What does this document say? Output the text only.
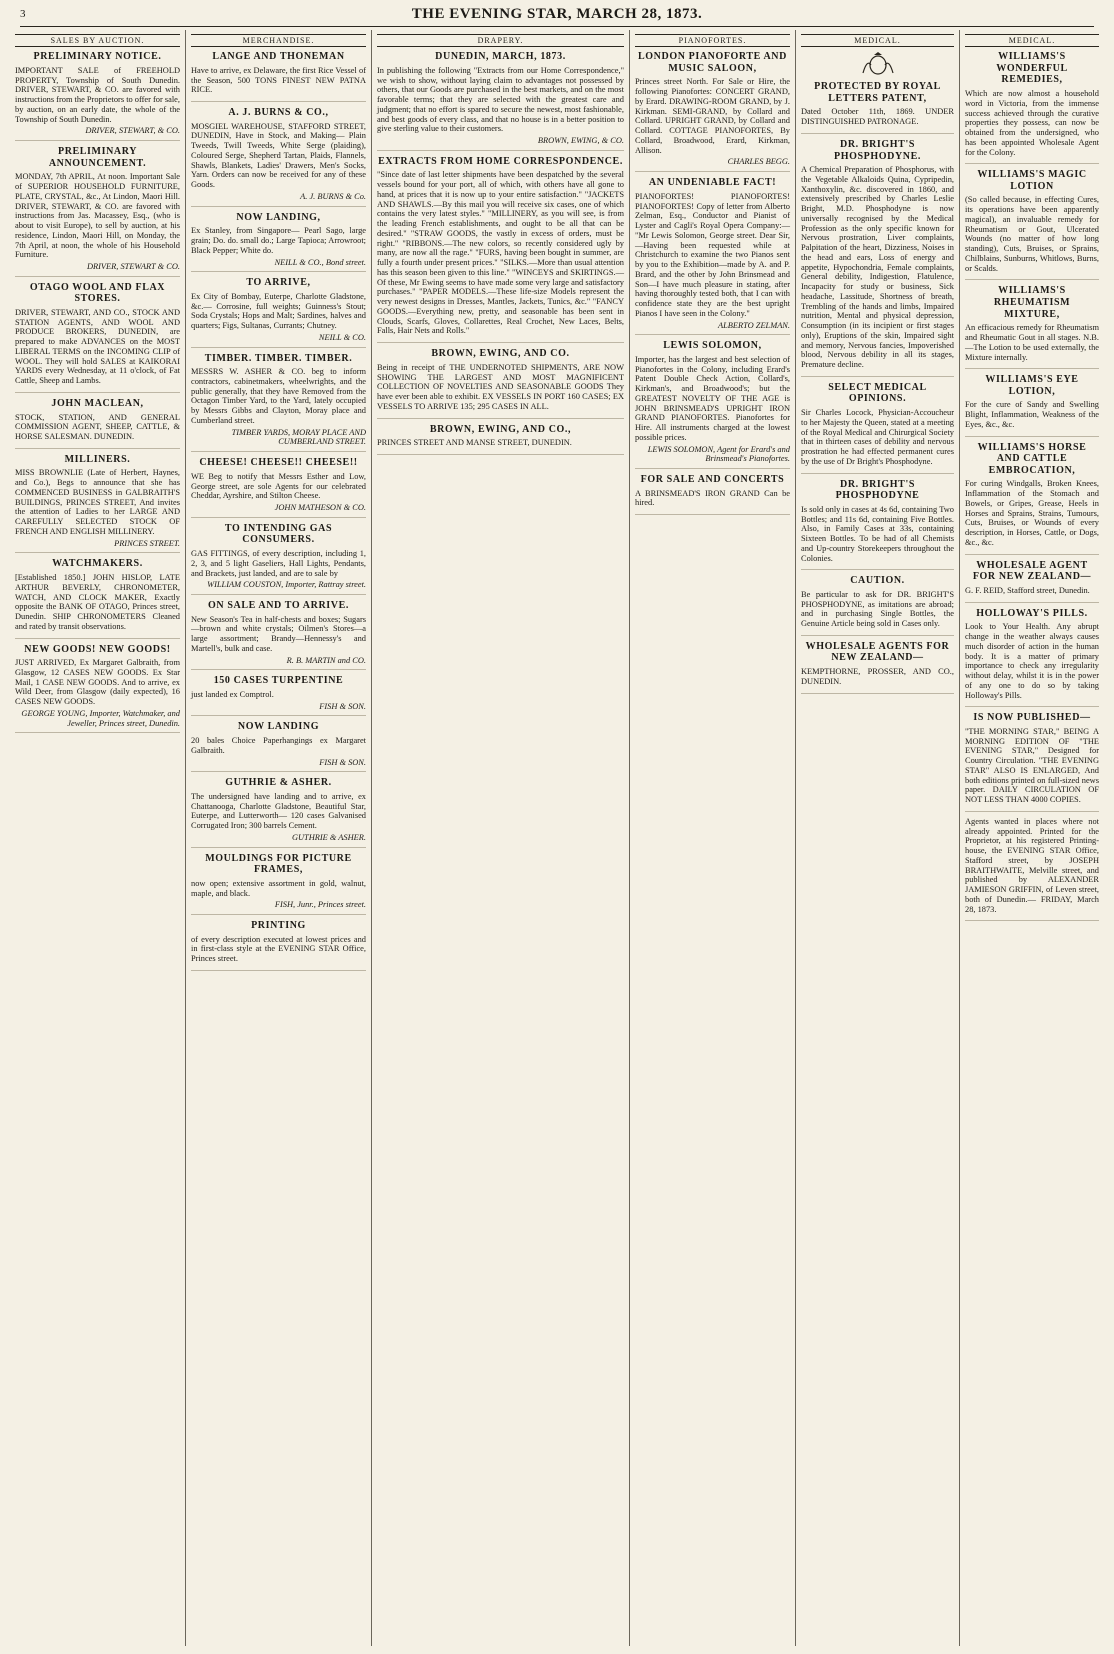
3	THE EVENING STAR, MARCH 28, 1873.
SALES BY AUCTION.
PRELIMINARY NOTICE.
IMPORTANT SALE of FREEHOLD PROPERTY, Township of South Dunedin. DRIVER, STEWART, & CO. are favored with instructions from the Proprietors to offer for sale, by auction, on an early date, the whole of the Township of South Dunedin.
DRIVER, STEWART, & CO.
PRELIMINARY ANNOUNCEMENT.
MONDAY, 7th APRIL, At noon. Important Sale of SUPERIOR HOUSEHOLD FURNITURE, PLATE, CRYSTAL, &c., At Lindon, Maori Hill. DRIVER, STEWART, & CO. are favored with instructions from Jas. Macassey, Esq., (who is about to visit Europe), to sell by auction, at his residence, Lindon, Maori Hill, on Monday, the 7th April, at noon, the whole of his Household Furniture.
DRIVER, STEWART & CO.
OTAGO WOOL AND FLAX STORES.
DRIVER, STEWART, AND CO., STOCK AND STATION AGENTS, AND WOOL AND PRODUCE BROKERS, DUNEDIN, are prepared to make ADVANCES on the MOST LIBERAL TERMS on the INCOMING CLIP of WOOL. They will hold SALES at KAIKORAI YARDS every Wednesday, at 11 o'clock, of Fat Cattle, Sheep and Lambs.
JOHN MACLEAN,
STOCK, STATION, AND GENERAL COMMISSION AGENT, SHEEP, CATTLE, & HORSE SALESMAN. DUNEDIN.
MILLINERS.
MISS BROWNLIE (Late of Herbert, Haynes, and Co.), Begs to announce that she has COMMENCED BUSINESS in GALBRAITH'S BUILDINGS, PRINCES STREET, And invites the attention of Ladies to her LARGE AND CAREFULLY SELECTED STOCK OF FRENCH AND ENGLISH MILLINERY.
PRINCES STREET.
WATCHMAKERS.
[Established 1850.] JOHN HISLOP, LATE ARTHUR BEVERLY, CHRONOMETER, WATCH, AND CLOCK MAKER, Exactly opposite the BANK OF OTAGO, Princes street, Dunedin. SHIP CHRONOMETERS Cleaned and rated by transit observations.
NEW GOODS! NEW GOODS!
JUST ARRIVED, Ex Margaret Galbraith, from Glasgow, 12 CASES NEW GOODS. Ex Star Mail, 1 CASE NEW GOODS. And to arrive, ex Wild Deer, from Glasgow (daily expected), 16 CASES NEW GOODS.
GEORGE YOUNG, Importer, Watchmaker, and Jeweller, Princes street, Dunedin.
MERCHANDISE.
LANGE AND THONEMAN
Have to arrive, ex Delaware, the first Rice Vessel of the Season, 500 TONS FINEST NEW PATNA RICE.
A. J. BURNS & CO.,
MOSGIEL WAREHOUSE, STAFFORD STREET, DUNEDIN, Have in Stock, and Making— Plain Tweeds, Twill Tweeds, White Serge (plaiding), Coloured Serge, Shepherd Tartan, Plaids, Flannels, Shawls, Blankets, Ladies' Drawers, Men's Socks, Yarn. Orders can now be received for any of these Goods.
A. J. BURNS & Co.
NOW LANDING,
Ex Stanley, from Singapore— Pearl Sago, large grain; Do. do. small do.; Large Tapioca; Arrowroot; Black Pepper; White do.
NEILL & CO., Bond street.
TO ARRIVE,
Ex City of Bombay, Euterpe, Charlotte Gladstone, &c.— Corrosine, full weights; Guinness's Stout; Soda Crystals; Hops and Malt; Sardines, halves and quarters; Figs, Sultanas, Currants; Chutney.
NEILL & CO.
TIMBER. TIMBER. TIMBER.
MESSRS W. ASHER & CO. beg to inform contractors, cabinetmakers, wheelwrights, and the public generally, that they have Removed from the Octagon Timber Yard, to the Yard, lately occupied by Messrs Gibbs and Clayton, Moray place and Cumberland street.
TIMBER YARDS, MORAY PLACE AND CUMBERLAND STREET.
CHEESE! CHEESE!! CHEESE!!
WE Beg to notify that Messrs Esther and Low, George street, are sole Agents for our celebrated Cheddar, Ayrshire, and Stilton Cheese.
JOHN MATHESON & CO.
TO INTENDING GAS CONSUMERS.
GAS FITTINGS, of every description, including 1, 2, 3, and 5 light Gaseliers, Hall Lights, Pendants, and Brackets, just landed, and are to sale by
WILLIAM COUSTON, Importer, Rattray street.
ON SALE AND TO ARRIVE.
New Season's Tea in half-chests and boxes; Sugars—brown and white crystals; Oilmen's Stores—a large assortment; Brandy—Hennessy's and Martell's, bulk and case.
R. B. MARTIN and CO.
150 CASES TURPENTINE
just landed ex Comptrol.
FISH & SON.
NOW LANDING
20 bales Choice Paperhangings ex Margaret Galbraith.
FISH & SON.
GUTHRIE & ASHER.
The undersigned have landing and to arrive, ex Chattanooga, Charlotte Gladstone, Beautiful Star, Euterpe, and Lutterworth— 120 cases Galvanised Corrugated Iron; 300 barrels Cement.
GUTHRIE & ASHER.
MOULDINGS FOR PICTURE FRAMES,
now open; extensive assortment in gold, walnut, maple, and black.
FISH, Junr., Princes street.
PRINTING
of every description executed at lowest prices and in first-class style at the EVENING STAR Office, Princes street.
DRAPERY.
DUNEDIN, MARCH, 1873.
In publishing the following "Extracts from our Home Correspondence," we wish to show, without laying claim to advantages not possessed by others, that our Goods are purchased in the best markets, and on the most favorable terms; that they are selected with the greatest care and judgment; that no effort is spared to secure the newest, most fashionable, and best goods of every class, and that no house is in a better position to give sterling value to their customers.
BROWN, EWING, & CO.
EXTRACTS FROM HOME CORRESPONDENCE.
"Since date of last letter shipments have been despatched by the several vessels bound for your port, all of which, with others have all gone to hand, at prices that it is now up to your entire satisfaction." "JACKETS AND SHAWLS.—By this mail you will receive six cases, one of which contains the very latest styles." "MILLINERY, as you will see, is from the leading French establishments, and ought to be all that can be desired." "STRAW GOODS, the vastly in excess of orders, must be right." "RIBBONS.—The new colors, so recently considered ugly by many, are now all the rage." "FURS, having been bought in summer, are fully a fourth under present prices." "SILKS.—More than usual attention has this season been given to this line." "WINCEYS and SKIRTINGS.—Of these, Mr Ewing seems to have made some very large and satisfactory purchases." "PAPER MODELS.—These life-size Models represent the very newest designs in Dresses, Mantles, Jackets, Tunics, &c." "FANCY GOODS.—Everything new, pretty, and seasonable has been sent in Clouds, Scarfs, Gloves, Collarettes, Real Crochet, New Laces, Belts, Falls, Hair Nets and Rolls."
BROWN, EWING, AND CO.
Being in receipt of THE UNDERNOTED SHIPMENTS, ARE NOW SHOWING THE LARGEST AND MOST MAGNIFICENT COLLECTION OF NOVELTIES AND SEASONABLE GOODS They have ever been able to exhibit. EX VESSELS IN PORT 160 CASES; EX VESSELS TO ARRIVE 135; 295 CASES IN ALL.
BROWN, EWING, AND CO.,
PRINCES STREET AND MANSE STREET, DUNEDIN.
PIANOFORTES.
LONDON PIANOFORTE AND MUSIC SALOON,
Princes street North. For Sale or Hire, the following Pianofortes: CONCERT GRAND, by Erard. DRAWING-ROOM GRAND, by J. Kirkman. SEMI-GRAND, by Collard and Collard. UPRIGHT GRAND, by Collard and Collard. COTTAGE PIANOFORTES, By Collard, Broadwood, Erard, Kirkman, Allison.
CHARLES BEGG.
AN UNDENIABLE FACT!
PIANOFORTES! PIANOFORTES! PIANOFORTES! Copy of letter from Alberto Zelman, Esq., Conductor and Pianist of Lyster and Cagli's Royal Opera Company:— "Mr Lewis Solomon, George street. Dear Sir,—Having been requested while at Christchurch to examine the two Pianos sent by you to the Exhibition—made by A. and P. Brard, and the other by John Brinsmead and Son—I have much pleasure in stating, after having thoroughly tested both, that I can with confidence state they are the best upright Pianos I have seen in the Colony."
ALBERTO ZELMAN.
LEWIS SOLOMON,
Importer, has the largest and best selection of Pianofortes in the Colony, including Erard's Patent Double Check Action, Collard's, Kirkman's, and Broadwood's; but the GREATEST NOVELTY OF THE AGE is JOHN BRINSMEAD'S UPRIGHT IRON GRAND PIANOFORTES. Pianofortes for Hire. All instruments charged at the lowest possible prices.
LEWIS SOLOMON, Agent for Erard's and Brinsmead's Pianofortes.
FOR SALE AND CONCERTS
A BRINSMEAD'S IRON GRAND Can be hired.
MEDICAL.
PROTECTED BY ROYAL LETTERS PATENT,
Dated October 11th, 1869. UNDER DISTINGUISHED PATRONAGE.
DR. BRIGHT'S PHOSPHODYNE.
A Chemical Preparation of Phosphorus, with the Vegetable Alkaloids Quina, Cypripedin, Xanthoxylin, &c. discovered in 1860, and extensively prescribed by Charles Leslie Bright, M.D. Phosphodyne is now universally recognised by the Medical Profession as the only specific known for Nervous prostration, Liver complaints, Palpitation of the heart, Dizziness, Noises in the head and ears, Loss of energy and appetite, Hypochondria, Female complaints, General debility, Indigestion, Flatulence, Incapacity for study or business, Sick headache, Lassitude, Shortness of breath, Trembling of the hands and limbs, Impaired nutrition, Mental and physical depression, Consumption (in its incipient or first stages only), Eruptions of the skin, Impaired sight and memory, Nervous fancies, Impoverished blood, Nervous debility in all its stages, Premature decline.
SELECT MEDICAL OPINIONS.
Sir Charles Locock, Physician-Accoucheur to her Majesty the Queen, stated at a meeting of the Royal Medical and Chirurgical Society that in thirteen cases of debility and nervous prostration he had effected permanent cures by the use of Dr Bright's Phosphodyne.
DR. BRIGHT'S PHOSPHODYNE
Is sold only in cases at 4s 6d, containing Two Bottles; and 11s 6d, containing Five Bottles. Also, in Family Cases at 33s, containing Sixteen Bottles. To be had of all Chemists and Up-country Storekeepers throughout the Colonies.
CAUTION.
Be particular to ask for DR. BRIGHT'S PHOSPHODYNE, as imitations are abroad; and in purchasing Single Bottles, the Genuine Article being sold in Cases only.
WHOLESALE AGENTS FOR NEW ZEALAND—
KEMPTHORNE, PROSSER, AND CO., DUNEDIN.
MEDICAL.
WILLIAMS'S WONDERFUL REMEDIES,
Which are now almost a household word in Victoria, from the immense success achieved through the curative properties they possess, can now be obtained from the undersigned, who has been appointed Wholesale Agent for the Colony.
WILLIAMS'S MAGIC LOTION
(So called because, in effecting Cures, its operations have been apparently magical), an invaluable remedy for Rheumatism or Gout, Ulcerated Wounds (no matter of how long standing), Cuts, Bruises, or Sprains, Chilblains, Sunburns, Whitlows, Burns, or Scalds.
WILLIAMS'S RHEUMATISM MIXTURE,
An efficacious remedy for Rheumatism and Rheumatic Gout in all stages. N.B.—The Lotion to be used externally, the Mixture internally.
WILLIAMS'S EYE LOTION,
For the cure of Sandy and Swelling Blight, Inflammation, Weakness of the Eyes, &c., &c.
WILLIAMS'S HORSE AND CATTLE EMBROCATION,
For curing Windgalls, Broken Knees, Inflammation of the Stomach and Bowels, or Gripes, Grease, Heels in Horses and Sprains, Strains, Tumours, Cuts, Bruises, or Wounds of every description, in Horses, Cattle, or Dogs, &c., &c.
WHOLESALE AGENT FOR NEW ZEALAND—
G. F. REID, Stafford street, Dunedin.
HOLLOWAY'S PILLS.
Look to Your Health. Any abrupt change in the weather always causes much disorder of action in the human body. It is a matter of primary importance to check any irregularity without delay, whilst it is in the power of any one to do so by taking Holloway's Pills.
IS NOW PUBLISHED—
"THE MORNING STAR," BEING A MORNING EDITION OF "THE EVENING STAR," Designed for Country Circulation. "THE EVENING STAR" ALSO IS ENLARGED, And both editions printed on full-sized news paper. DAILY CIRCULATION OF NOT LESS THAN 4000 COPIES.
Agents wanted in places where not already appointed. Printed for the Proprietor, at his registered Printing-house, the EVENING STAR Office, Stafford street, by JOSEPH BRAITHWAITE, Melville street, and published by ALEXANDER JAMIESON GRIFFIN, of Leven street, both of Dunedin.— FRIDAY, March 28, 1873.
